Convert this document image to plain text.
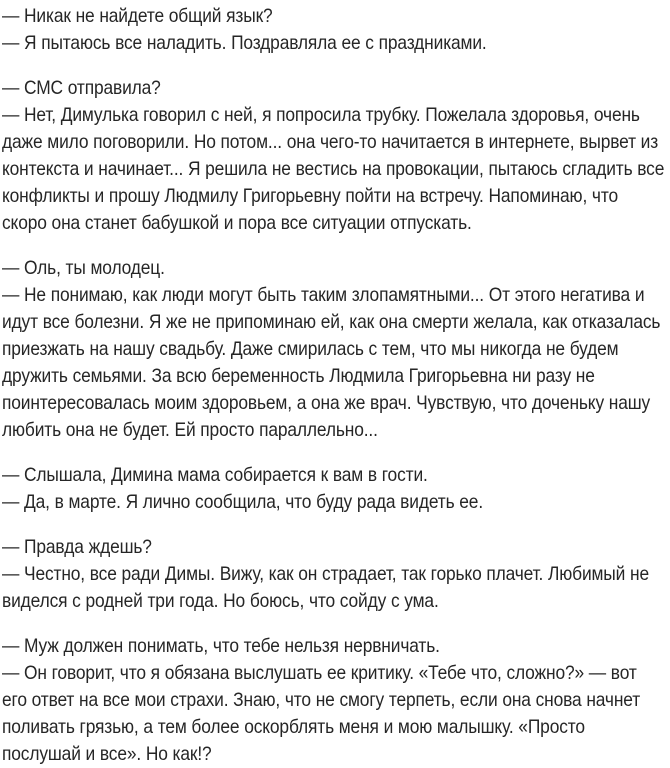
— Никак не найдете общий язык?
— Я пытаюсь все наладить. Поздравляла ее с праздниками.

— СМС отправила?
— Нет, Димулька говорил с ней, я попросила трубку. Пожелала здоровья, очень даже мило поговорили. Но потом... она чего-то начитается в интернете, вырвет из контекста и начинает... Я решила не вестись на провокации, пытаюсь сгладить все конфликты и прошу Людмилу Григорьевну пойти на встречу. Напоминаю, что скоро она станет бабушкой и пора все ситуации отпускать.

— Оль, ты молодец.
— Не понимаю, как люди могут быть таким злопамятными... От этого негатива и идут все болезни. Я же не припоминаю ей, как она смерти желала, как отказалась приезжать на нашу свадьбу. Даже смирилась с тем, что мы никогда не будем дружить семьями. За всю беременность Людмила Григорьевна ни разу не поинтересовалась моим здоровьем, а она же врач. Чувствую, что доченьку нашу любить она не будет. Ей просто параллельно...

— Слышала, Димина мама собирается к вам в гости.
— Да, в марте. Я лично сообщила, что буду рада видеть ее.

— Правда ждешь?
— Честно, все ради Димы. Вижу, как он страдает, так горько плачет. Любимый не виделся с родней три года. Но боюсь, что сойду с ума.

— Муж должен понимать, что тебе нельзя нервничать.
— Он говорит, что я обязана выслушать ее критику. «Тебе что, сложно?» — вот его ответ на все мои страхи. Знаю, что не смогу терпеть, если она снова начнет поливать грязью, а тем более оскорблять меня и мою малышку. «Просто послушай и все». Но как!?
